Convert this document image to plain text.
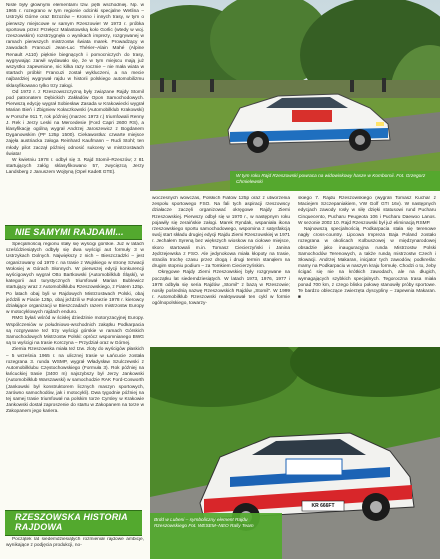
Nisle były głównymi elementami tzw. pętli wschodniej. Np. w 1965 r. rozegrano w tym regionie odcinki specjalne Wetlina – Ustrzyki Górne oraz Brzozów – Krosno i innych trasy, w tym o pierwszy miejscowe w samym Rzeszowie! W 1973 r. próbka sportowa przez Przełęcz Malastowską koło Gorlic (wtedy w woj. rzeszowskim) rozstrzygnęła o wynikach imprezy, rozgrywanej w ramach pierwszych mistrzostw świata marek. Prowadzący w zawodach Francuzi Jean-Luc Thérier–Alain Mahé (Alpine Renault A110) pięknie biegnących i pomocniczych do trasy, wygrywając zarwił wydawało się, że w tym miejscu mają już wszystko zapewnione, nic kilka razy rocznie – nie mała wiata w startach próbki! Francuzi został wykluczeni, a na mecie najbardziej wygrywał rajdu w historii polskiego automobilizmu sklasyfikowano tylko trzy załogi.

Od 1972 r. z Rzeszowszczyzną były związane Rajdy Stomil pod patronatem Dębickich Zakładów Opon Samochodowych. Pierwszą edycję wygrał Sobiesław Zasada w Krakowiecki wygrał Marian Bień i Zbigniew Kołaczkowski (Automobilklub Krakowski) w Porsche 911 T, rok później (marzec 1973 r.) triumfowali Renny J. Rek i Jerzy Leski na Mercedesie (Ford Capri 2600 RS), a klasyfikację ogólną wygrał Andrzej Jaroszewicz z Bogdanem Dyganowskim (PF 125p 1500). Ciekawostka: czwarte miejsce zajęła austriacka załoga Reinhard Kaufmann – Rudi Stohl; ten młody pilot zaczął później odnosić sukcesy w mistrzostwach świata!

W kwietniu 1978 r. odbył się 3. Rajd Stomil–Rzeszów; z 81 startujących załóg sklasyfikowano 57, zwycięzcą Jerzy Landsberg z Januszem Wojtyną (Opel Kadett GTE).

NIE SAMYMI RAJDAMI...

Specjalnością regionu stały się wyścigi górskie. Już w latach sześćdziesiątych odbyły się dwa wyścigi aut formuły 3 w Ustrzykach Dolnych. Największy z nich – Bieszczadzki – jest organizowany od 1970 r. na trasie z Wujskiego w stronę Szwacji Wołosiej w Górach Słonnych. W pierwszej edycji konkurencji wyścigowych wygrał Otto Bartkowski (Automobilklub Śląski), w kategorii aut turystycznych triumfował Marian Bublewicz startujący wraz z Automobilklubu Rzeszowskiego, z Fiatem 125p. Po latach obaj byli w Rajdowych Mistrzostwach Polski, obaj jeździli w Fiacie 125p, obaj jeździli w Polonezie 1978 r. kierowcy działające organizacji w Bieszczadach razem mistrzostw Europy w motocyklowych rajdach enduro.

RMG byłaś wśród w ścisłej dziedzinie motoryzacyjnej Europy. Wspólczeniów w południowo-wschodnich zakątku Podkarpacia są rozgrywane też trzy wyścigi górskie w ramach Górskich Samochodowych Mistrzostw Polski: oprócz wspomnianego BWG są to wyścigi na trasie Korczyna – Przydział oraz w Górnej.

Ziemia Rzeszowska miała też tzw. zloty do wyścigów płaskich – 5 września 1965 r. na ulicznej trasie w Łańcucie została rozegrana 3. runda WSMP, wygrał Władysław Szulczewski z Automobilklubu Częstochowskiego (Formuła 3). Rok później na łańcuckiej trasie (3400 m) najszybszy był Jerzy Jankowski (Automobilklub Warszawski) w samochodzie RAK Ford-Cosworth (Jankowski był konstruktorem licznych maszyn sportowych, zarówno samochodów, jak i motocykli). Dwa tygodnie później na tej samej trasie triumfował na polskim torze Cyrsley w Krakowie Jankowski dostał zaproszenie do startu w Zakopanem na torze w Zakopanem jego kariera.

RZESZOWSKA HISTORIA RAJDOWA

Początek lat siedemdziesiątych rozmieniał rajdowe ambicje, wynikające z podjęcia produkcji, no-

W tym roku Rajd Rzeszowski powraca na widowiskowy hasze w Kombornii. Fot. Grzegorz Chmielewski

woczesnych wówczas, Polskich Fiatów 125p oraz z utworzenia zespołu sportowego FSO. Na fali tych aspiracji rzeszowscy działacze zaczęli organizować okręgowe Rajdy Ziemi Rzeszowskiej. Pierwszy odbył się w 1970 r., w następnym roku pojawiły się zeraińskie załogi. Marek Ryndak, wspaniała ikona rzeszowskiego sportu samochodowego, wspomina z satysfakcją swój start składu drugiej edycji Rajdu Ziemi Rzeszowskiej w 1971 r. Jechałem Syreną bez większych wioskow na ciołowe miejsce, skoro startowali m.in. Tomasz Ciecierzyński i Janina Jędrzejewska z FSO. Ale jedynokowa miała kłopoty na trasie, straciła trochę czasu przez drogą i drugi termin stanąłem na drugim stopniu podium – za Tomkiem Ciecierzyńskim.

Okręgowe Rajdy Ziemi Rzeszowskiej były rozgrywane na początku lat siedemdziesiątych. W latach 1973, 1976, 1977 i 1978 odbyła się seria Rajdów „Stomil” z bazą w Rzeszowie; nosiły pośrednią nazwę Rzeszowskich Rajdów „Stomil”. W 1999 r. Automobilklub Rzeszowski reaktywował ten cykl w formie ogólnopolskiego, towarzy-

skiego 7. Rajdu Rzeszowskiego (wygrali Tomasz Kuchar z Maciejem Szczepaniakiem, VW Golf GTI 16v). W następnych edycjach zawody rosły w siłę dzięki statusowi rund Pucharu Cinquecento, Pucharu Peugeota 106 i Pucharu Daewoo Lanos. W sezonie 2002 10. Rajd Rzeszowski był już eliminacją RSMP.

Najnowszą specjalnością Podkarpacia stała się terenowe nagły cross-country. Lipcowa Impreza Baja Poland zostało rozegrana w okolicach Kolbuszowej w międzynarodowej obsadzie jako inauguracyjna runda Mistrzostw Polski Samochodów Terenowych, a także rundą mistrzostw Czech i Słowacji. Andrzej Makaran, inicjator tych zawodów, podkreśla: mamy na Podkarpaciu w naszym kraju formułę. Chodzi o to, żeby ścigać się nie na krótkich zawodach, ale na długich, wymagających szybkich specjalnych. Tegoroczna trasa miała ponad 700 km, z czego blisko połowę stanowiły próby sportowe. Te bardzo obleczące zwierzęta dyscypliny – zapewnia Makaran. ■

KR 666FT
Brdd w Lubeni – symboliczny element Rajdu Rzeszowskiego Fot. WESEM–NEO Rally Team
